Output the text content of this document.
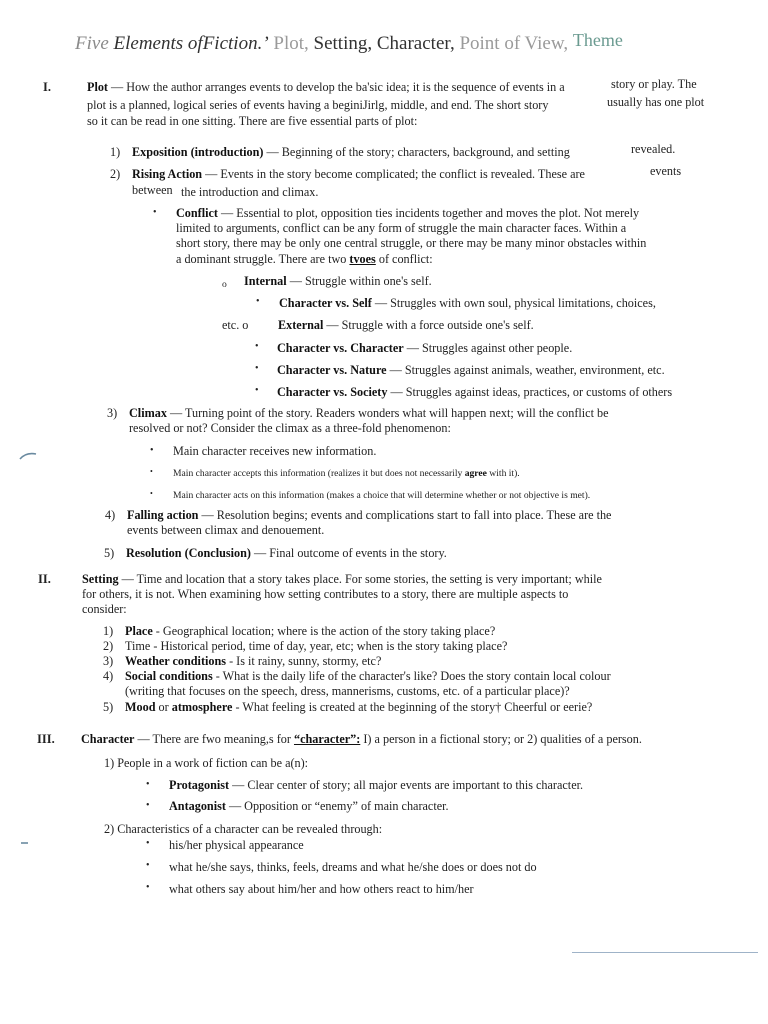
Five Elements ofFiction.’ Plot, Setting, Character, Point of View, Theme
I.	Plot — How the author arranges events to develop the ba'sic idea; it is the sequence of events in a	story or play. The
plot is a planned, logical series of events having a beginiJirlg, middle, and end. The short story	usually has one plot
so it can be read in one sitting. There are five essential parts of plot:
1) Exposition (introduction) — Beginning of the story; characters, background, and setting	revealed.
2) Rising Action — Events in the story become complicated; the conflict is revealed. These are	events
between the introduction and climax.
• Conflict — Essential to plot, opposition ties incidents together and moves the plot. Not merely
limited to arguments, conflict can be any form of struggle the main character faces. Within a
short story, there may be only one central struggle, or there may be many minor obstacles within
a dominant struggle. There are two tvoes of conflict:
o Internal — Struggle within one's self.
• Character vs. Self — Struggles with own soul, physical limitations, choices,
etc. o External — Struggle with a force outside one's self.
• Character vs. Character — Struggles against other people.
• Character vs. Nature — Struggles against animals, weather, environment, etc.
• Character vs. Society — Struggles against ideas, practices, or customs of others
3) Climax — Turning point of the story. Readers wonders what will happen next; will the conflict be
resolved or not? Consider the climax as a three-fold phenomenon:
• Main character receives new information.
• Main character accepts this information (realizes it but does not necessarily agree with it).
• Main character acts on this information (makes a choice that will determine whether or not objective is met).
4) Falling action — Resolution begins; events and complications start to fall into place. These are the
events between climax and denouement.
5) Resolution (Conclusion) — Final outcome of events in the story.
II.	Setting — Time and location that a story takes place. For some stories, the setting is very important; while
for others, it is not. When examining how setting contributes to a story, there are multiple aspects to
consider:
1) Place - Geographical location; where is the action of the story taking place?
2) Time - Historical period, time of day, year, etc; when is the story taking place?
3) Weather conditions - Is it rainy, sunny, stormy, etc?
4) Social conditions - What is the daily life of the character's like? Does the story contain local colour
(writing that focuses on the speech, dress, mannerisms, customs, etc. of a particular place)?
5) Mood or atmosphere - What feeling is created at the beginning of the story† Cheerful or eerie?
III. Character — There are fwo meaning,s for “character”: I) a person in a fictional story; or 2) qualities of a person.
1) People in a work of fiction can be a(n):
• Protagonist — Clear center of story; all major events are important to this character.
• Antagonist — Opposition or “enemy” of main character.
2) Characteristics of a character can be revealed through:
• his/her physical appearance
• what he/she says, thinks, feels, dreams and what he/she does or does not do
• what others say about him/her and how others react to him/her
